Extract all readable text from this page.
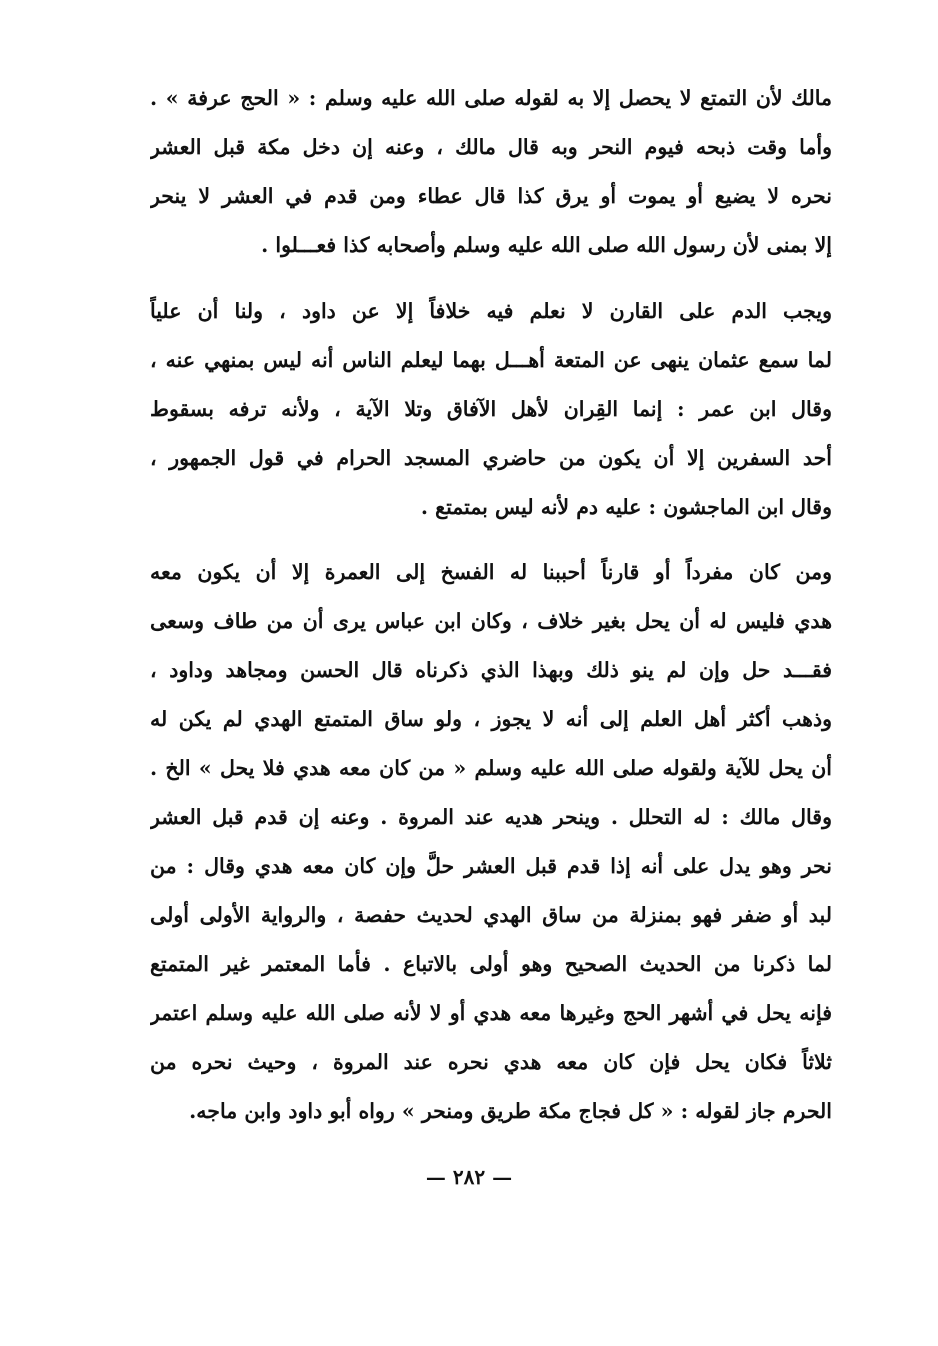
مالك لأن التمتع لا يحصل إلا به لقوله صلى الله عليه وسلم : « الحج عرفة » .
وأما وقت ذبحه فيوم النحر وبه قال مالك ، وعنه إن دخل مكة قبل العشر
نحره لا يضيع أو يموت أو يرق كذا قال عطاء ومن قدم في العشر لا ينحر
إلا بمنى لأن رسول الله صلى الله عليه وسلم وأصحابه كذا فعـــلوا .
ويجب الدم على القارن لا نعلم فيه خلافاً إلا عن داود ، ولنا أن علياً
لما سمع عثمان ينهى عن المتعة أهـــل بهما ليعلم الناس أنه ليس بمنهي عنه ،
وقال ابن عمر : إنما القِران لأهل الآفاق وتلا الآية ، ولأنه ترفه بسقوط
أحد السفرين إلا أن يكون من حاضري المسجد الحرام في قول الجمهور ،
وقال ابن الماجشون : عليه دم لأنه ليس بمتمتع .
ومن كان مفرداً أو قارناً أحببنا له الفسخ إلى العمرة إلا أن يكون معه
هدي فليس له أن يحل بغير خلاف ، وكان ابن عباس يرى أن من طاف وسعى
فقـــد حل وإن لم ينو ذلك وبهذا الذي ذكرناه قال الحسن ومجاهد وداود ،
وذهب أكثر أهل العلم إلى أنه لا يجوز ، ولو ساق المتمتع الهدي لم يكن له
أن يحل للآية ولقوله صلى الله عليه وسلم « من كان معه هدي فلا يحل » الخ .
وقال مالك : له التحلل . وينحر هديه عند المروة . وعنه إن قدم قبل العشر
نحر وهو يدل على أنه إذا قدم قبل العشر حلَّ وإن كان معه هدي وقال : من
لبد أو ضفر فهو بمنزلة من ساق الهدي لحديث حفصة ، والرواية الأولى أولى
لما ذكرنا من الحديث الصحيح وهو أولى بالاتباع . فأما المعتمر غير المتمتع
فإنه يحل في أشهر الحج وغيرها معه هدي أو لا لأنه صلى الله عليه وسلم اعتمر
ثلاثاً فكان يحل فإن كان معه هدي نحره عند المروة ، وحيث نحره من
الحرم جاز لقوله : « كل فجاج مكة طريق ومنحر » رواه أبو داود وابن ماجه.
— ٢٨٢ —
